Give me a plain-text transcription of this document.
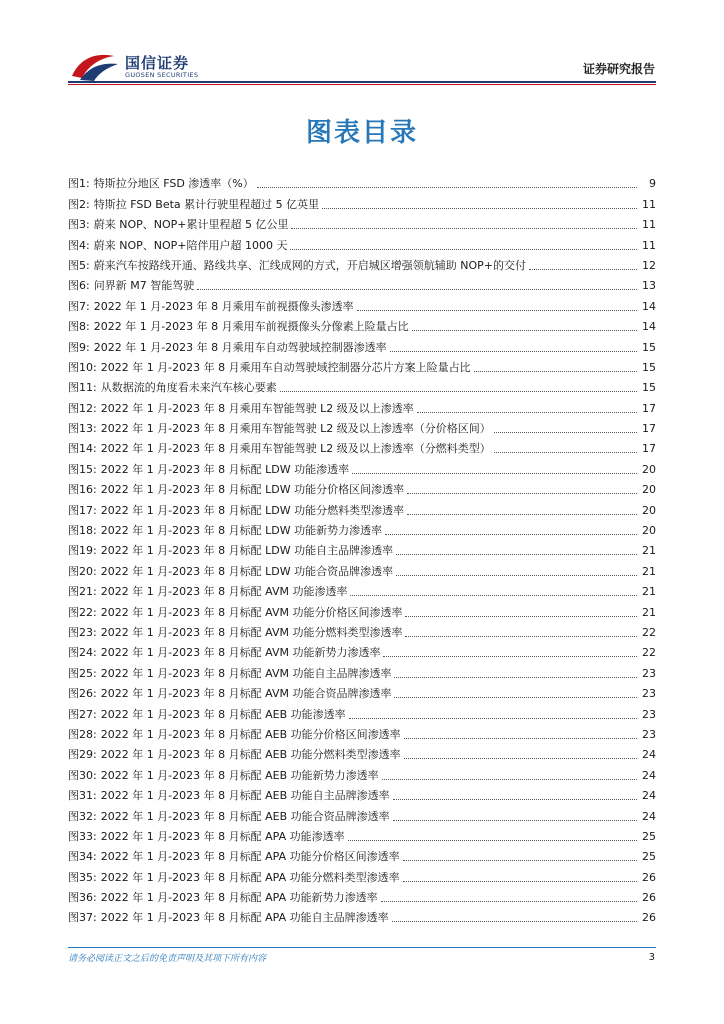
国信证券
GUOSEN SECURITIES	证券研究报告
图表目录
图1: 特斯拉分地区 FSD 渗透率（%）	9
图2: 特斯拉 FSD Beta 累计行驶里程超过 5 亿英里	11
图3: 蔚来 NOP、NOP+累计里程超 5 亿公里	11
图4: 蔚来 NOP、NOP+陪伴用户超 1000 天	11
图5: 蔚来汽车按路线开通、路线共享、汇线成网的方式，开启城区增强领航辅助 NOP+的交付	12
图6: 问界新 M7 智能驾驶	13
图7: 2022 年 1 月-2023 年 8 月乘用车前视摄像头渗透率	14
图8: 2022 年 1 月-2023 年 8 月乘用车前视摄像头分像素上险量占比	14
图9: 2022 年 1 月-2023 年 8 月乘用车自动驾驶域控制器渗透率	15
图10: 2022 年 1 月-2023 年 8 月乘用车自动驾驶域控制器分芯片方案上险量占比	15
图11: 从数据流的角度看未来汽车核心要素	15
图12: 2022 年 1 月-2023 年 8 月乘用车智能驾驶 L2 级及以上渗透率	17
图13: 2022 年 1 月-2023 年 8 月乘用车智能驾驶 L2 级及以上渗透率（分价格区间）	17
图14: 2022 年 1 月-2023 年 8 月乘用车智能驾驶 L2 级及以上渗透率（分燃料类型）	17
图15: 2022 年 1 月-2023 年 8 月标配 LDW 功能渗透率	20
图16: 2022 年 1 月-2023 年 8 月标配 LDW 功能分价格区间渗透率	20
图17: 2022 年 1 月-2023 年 8 月标配 LDW 功能分燃料类型渗透率	20
图18: 2022 年 1 月-2023 年 8 月标配 LDW 功能新势力渗透率	20
图19: 2022 年 1 月-2023 年 8 月标配 LDW 功能自主品牌渗透率	21
图20: 2022 年 1 月-2023 年 8 月标配 LDW 功能合资品牌渗透率	21
图21: 2022 年 1 月-2023 年 8 月标配 AVM 功能渗透率	21
图22: 2022 年 1 月-2023 年 8 月标配 AVM 功能分价格区间渗透率	21
图23: 2022 年 1 月-2023 年 8 月标配 AVM 功能分燃料类型渗透率	22
图24: 2022 年 1 月-2023 年 8 月标配 AVM 功能新势力渗透率	22
图25: 2022 年 1 月-2023 年 8 月标配 AVM 功能自主品牌渗透率	23
图26: 2022 年 1 月-2023 年 8 月标配 AVM 功能合资品牌渗透率	23
图27: 2022 年 1 月-2023 年 8 月标配 AEB 功能渗透率	23
图28: 2022 年 1 月-2023 年 8 月标配 AEB 功能分价格区间渗透率	23
图29: 2022 年 1 月-2023 年 8 月标配 AEB 功能分燃料类型渗透率	24
图30: 2022 年 1 月-2023 年 8 月标配 AEB 功能新势力渗透率	24
图31: 2022 年 1 月-2023 年 8 月标配 AEB 功能自主品牌渗透率	24
图32: 2022 年 1 月-2023 年 8 月标配 AEB 功能合资品牌渗透率	24
图33: 2022 年 1 月-2023 年 8 月标配 APA 功能渗透率	25
图34: 2022 年 1 月-2023 年 8 月标配 APA 功能分价格区间渗透率	25
图35: 2022 年 1 月-2023 年 8 月标配 APA 功能分燃料类型渗透率	26
图36: 2022 年 1 月-2023 年 8 月标配 APA 功能新势力渗透率	26
图37: 2022 年 1 月-2023 年 8 月标配 APA 功能自主品牌渗透率	26
请务必阅读正文之后的免责声明及其项下所有内容	3
